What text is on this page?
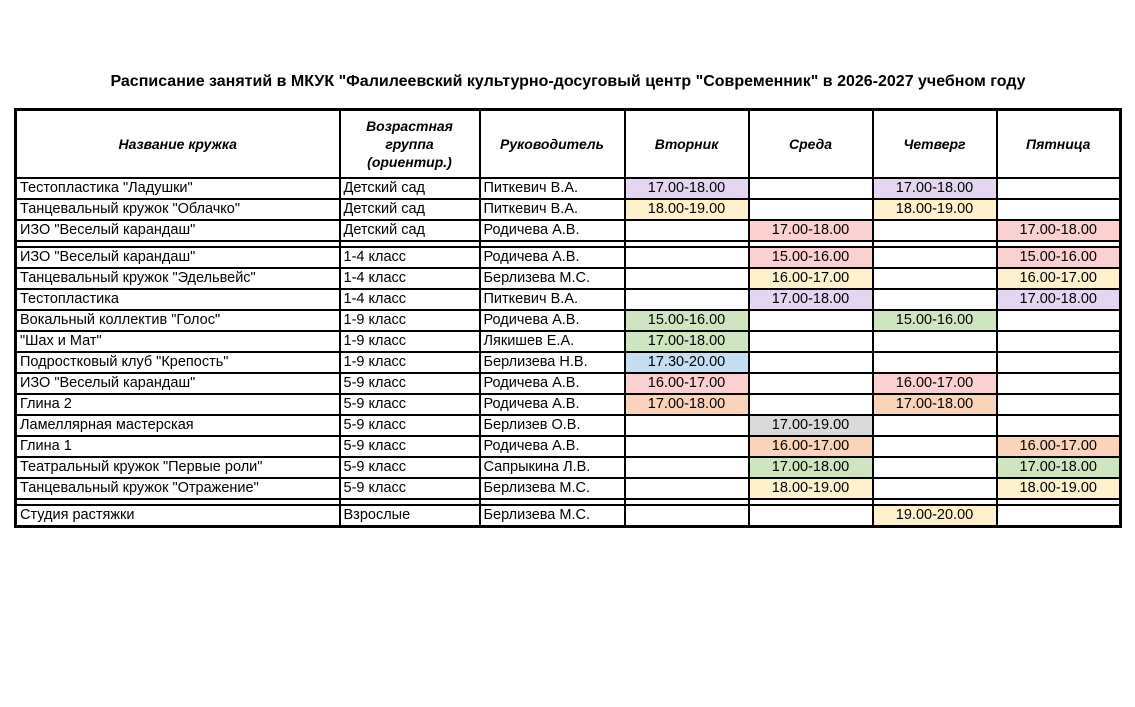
Расписание занятий в МКУК "Фалилеевский культурно-досуговый центр "Современник" в 2026-2027 учебном году
Название кружка	Возрастная группа (ориентир.)	Руководитель	Вторник	Среда	Четверг	Пятница
Тестопластика "Ладушки"	Детский сад	Питкевич В.А.	17.00-18.00		17.00-18.00	
Танцевальный кружок "Облачко"	Детский сад	Питкевич В.А.	18.00-19.00		18.00-19.00	
ИЗО "Веселый карандаш"	Детский сад	Родичева А.В.		17.00-18.00		17.00-18.00

ИЗО "Веселый карандаш"	1-4 класс	Родичева А.В.		15.00-16.00		15.00-16.00
Танцевальный кружок "Эдельвейс"	1-4 класс	Берлизева М.С.		16.00-17.00		16.00-17.00
Тестопластика	1-4 класс	Питкевич В.А.		17.00-18.00		17.00-18.00
Вокальный коллектив "Голос"	1-9 класс	Родичева А.В.	15.00-16.00		15.00-16.00	
"Шах и Мат"	1-9 класс	Лякишев Е.А.	17.00-18.00			
Подростковый клуб "Крепость"	1-9 класс	Берлизева Н.В.	17.30-20.00			
ИЗО "Веселый карандаш"	5-9 класс	Родичева А.В.	16.00-17.00		16.00-17.00	
Глина 2	5-9 класс	Родичева А.В.	17.00-18.00		17.00-18.00	
Ламеллярная мастерская	5-9 класс	Берлизев О.В.		17.00-19.00		
Глина 1	5-9 класс	Родичева А.В.		16.00-17.00		16.00-17.00
Театральный кружок "Первые роли"	5-9 класс	Сапрыкина Л.В.		17.00-18.00		17.00-18.00
Танцевальный кружок "Отражение"	5-9 класс	Берлизева М.С.		18.00-19.00		18.00-19.00

Студия растяжки	Взрослые	Берлизева М.С.			19.00-20.00	
